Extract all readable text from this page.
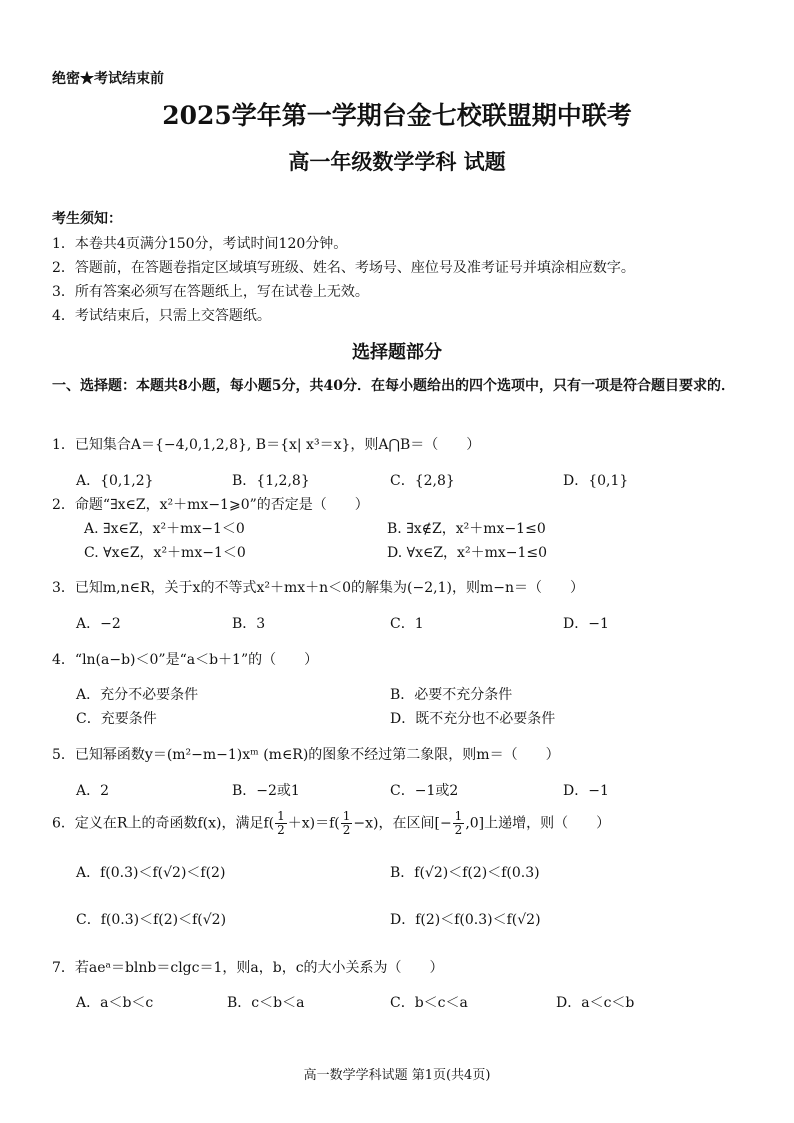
绝密★考试结束前
2025学年第一学期台金七校联盟期中联考
高一年级数学学科 试题
考生须知：
1．本卷共4页满分150分，考试时间120分钟。
2．答题前，在答题卷指定区域填写班级、姓名、考场号、座位号及准考证号并填涂相应数字。
3．所有答案必须写在答题纸上，写在试卷上无效。
4．考试结束后，只需上交答题纸。
选择题部分
一、选择题：本题共8小题，每小题5分，共40分．在每小题给出的四个选项中，只有一项是符合题目要求的．
1．已知集合A＝{−4,0,1,2,8}, B＝{x| x³＝x}，则A⋂B＝（　　）
A．{0,1,2}	B．{1,2,8}	C．{2,8}	D．{0,1}
2．命题“∃x∈Z，x²＋mx−1⩾0”的否定是（　　）
A. ∃x∈Z，x²＋mx−1＜0	B. ∃x∉Z，x²＋mx−1≤0
C. ∀x∈Z，x²＋mx−1＜0	D. ∀x∈Z，x²＋mx−1≤0
3．已知m,n∈R，关于x的不等式x²＋mx＋n＜0的解集为(−2,1)，则m−n＝（　　）
A．−2	B．3	C．1	D．−1
4．“ln(a−b)＜0”是“a＜b＋1”的（　　）
A．充分不必要条件	B．必要不充分条件
C．充要条件	D．既不充分也不必要条件
5．已知幂函数y＝(m²−m−1)xᵐ (m∈R)的图象不经过第二象限，则m＝（　　）
A．2	B．−2或1	C．−1或2	D．−1
6．定义在R上的奇函数f(x)，满足$f( \frac{1}{2} +x)=f( \frac{1}{2} -x)$，在区间[− $\frac{1}{2} ,0$]上递增，则（　　）
A．f(0.3)＜f(√2)＜f(2)	B．f(√2)＜f(2)＜f(0.3)
C．f(0.3)＜f(2)＜f(√2)	D．f(2)＜f(0.3)＜f(√2)
7．若aeᵃ＝blnb＝clgc＝1，则a，b，c的大小关系为（　　）
A．a＜b＜c	B．c＜b＜a	C．b＜c＜a	D．a＜c＜b
高一数学学科试题 第1页(共4页)
